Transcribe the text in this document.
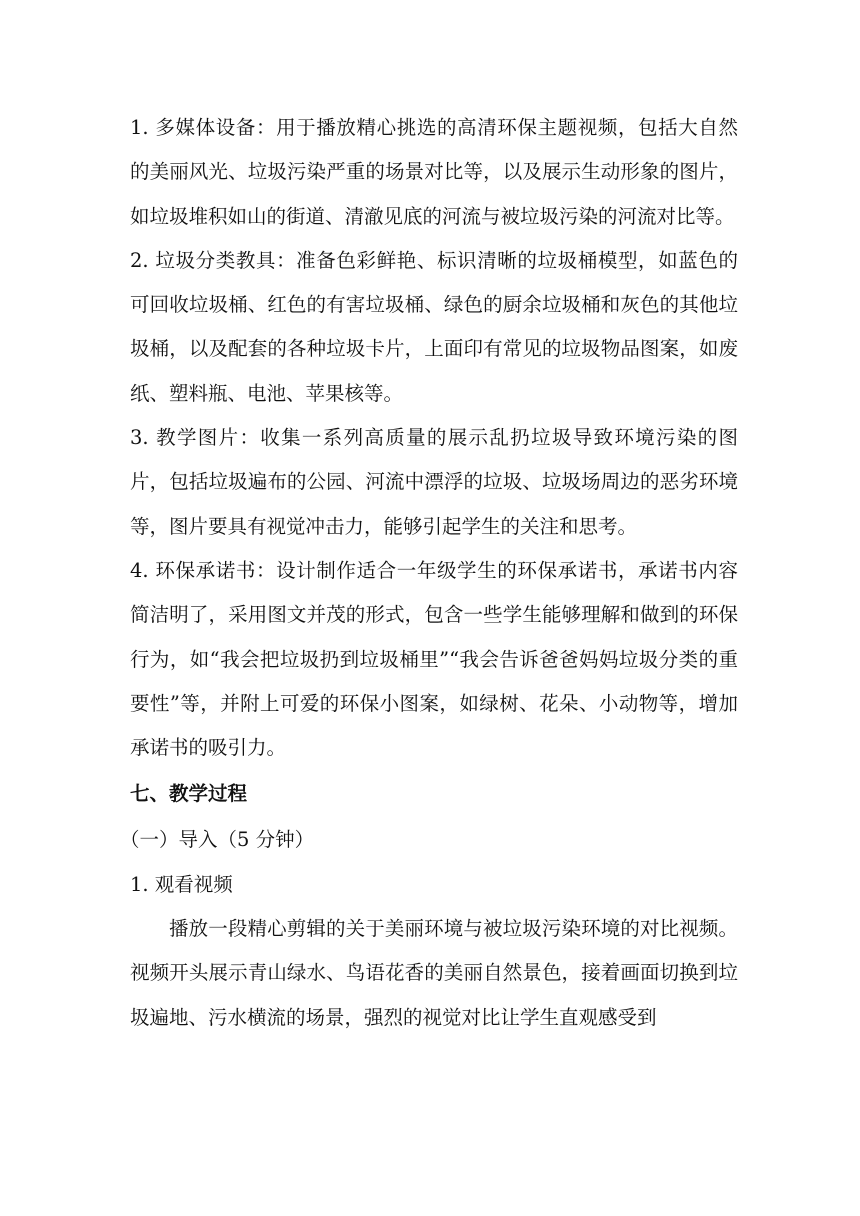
1. 多媒体设备：用于播放精心挑选的高清环保主题视频，包括大自然的美丽风光、垃圾污染严重的场景对比等，以及展示生动形象的图片，如垃圾堆积如山的街道、清澈见底的河流与被垃圾污染的河流对比等。

2. 垃圾分类教具：准备色彩鲜艳、标识清晰的垃圾桶模型，如蓝色的可回收垃圾桶、红色的有害垃圾桶、绿色的厨余垃圾桶和灰色的其他垃圾桶，以及配套的各种垃圾卡片，上面印有常见的垃圾物品图案，如废纸、塑料瓶、电池、苹果核等。

3. 教学图片：收集一系列高质量的展示乱扔垃圾导致环境污染的图片，包括垃圾遍布的公园、河流中漂浮的垃圾、垃圾场周边的恶劣环境等，图片要具有视觉冲击力，能够引起学生的关注和思考。

4. 环保承诺书：设计制作适合一年级学生的环保承诺书，承诺书内容简洁明了，采用图文并茂的形式，包含一些学生能够理解和做到的环保行为，如“我会把垃圾扔到垃圾桶里”“我会告诉爸爸妈妈垃圾分类的重要性”等，并附上可爱的环保小图案，如绿树、花朵、小动物等，增加承诺书的吸引力。

七、教学过程

（一）导入（5 分钟）

1. 观看视频

播放一段精心剪辑的关于美丽环境与被垃圾污染环境的对比视频。视频开头展示青山绿水、鸟语花香的美丽自然景色，接着画面切换到垃圾遍地、污水横流的场景，强烈的视觉对比让学生直观感受到
